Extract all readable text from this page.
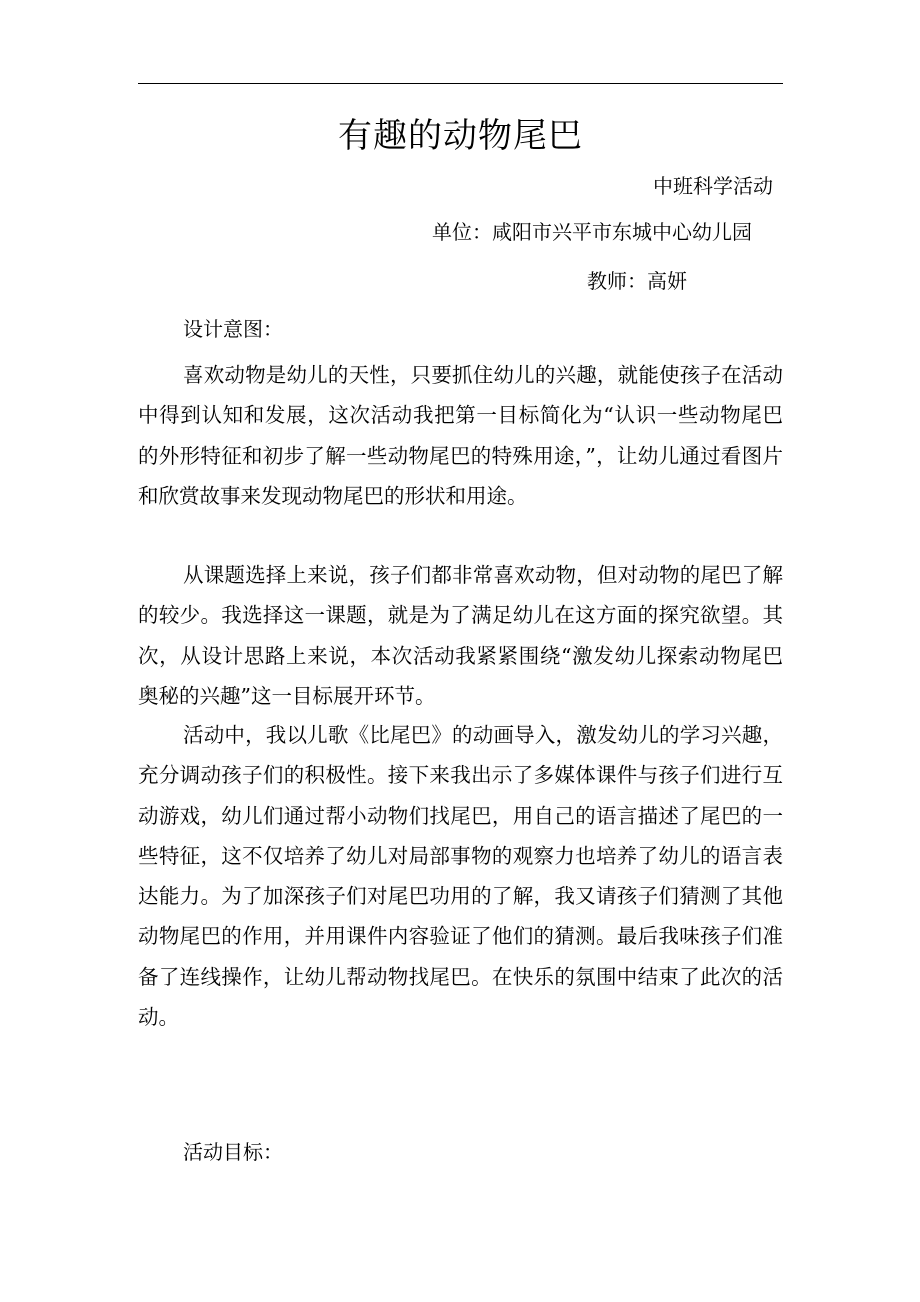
有趣的动物尾巴
中班科学活动
单位：咸阳市兴平市东城中心幼儿园
教师：高妍
设计意图：

喜欢动物是幼儿的天性，只要抓住幼儿的兴趣，就能使孩子在活动中得到认知和发展，这次活动我把第一目标简化为“认识一些动物尾巴的外形特征和初步了解一些动物尾巴的特殊用途，”，让幼儿通过看图片和欣赏故事来发现动物尾巴的形状和用途。

从课题选择上来说，孩子们都非常喜欢动物，但对动物的尾巴了解的较少。我选择这一课题，就是为了满足幼儿在这方面的探究欲望。其次，从设计思路上来说，本次活动我紧紧围绕“激发幼儿探索动物尾巴奥秘的兴趣”这一目标展开环节。

活动中，我以儿歌《比尾巴》的动画导入，激发幼儿的学习兴趣，充分调动孩子们的积极性。接下来我出示了多媒体课件与孩子们进行互动游戏，幼儿们通过帮小动物们找尾巴，用自己的语言描述了尾巴的一些特征，这不仅培养了幼儿对局部事物的观察力也培养了幼儿的语言表达能力。为了加深孩子们对尾巴功用的了解，我又请孩子们猜测了其他动物尾巴的作用，并用课件内容验证了他们的猜测。最后我味孩子们准备了连线操作，让幼儿帮动物找尾巴。在快乐的氛围中结束了此次的活动。

活动目标：
